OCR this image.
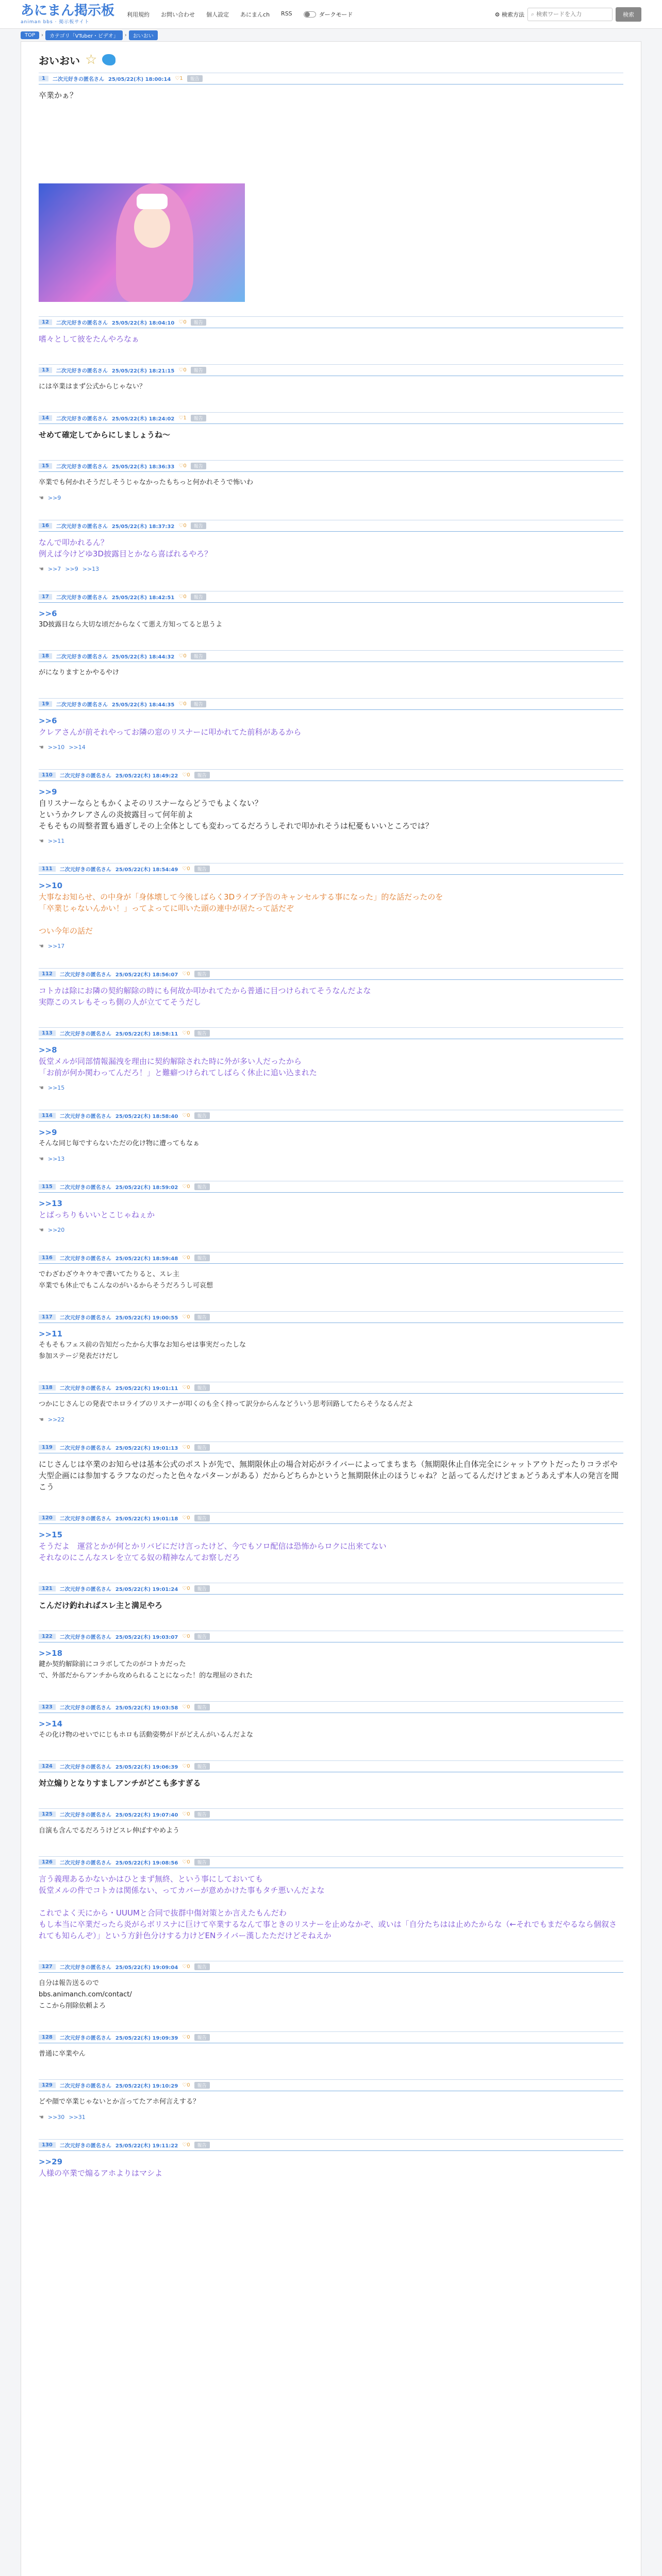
あにまん掲示板
animan bbs · 掲示板サイト
利用規約 お問い合わせ 個人設定 あにまんch RSS	ダークモード	⚙ 検索方法 ⌕
検索ワードを入力	検索
TOP	›	カテゴリ「VTuber・ビデオ」	›	おいおい
おいおい ☆
1	二次元好きの匿名さん 25/05/22(木) 18:00:14 ♡1	報告
卒業かぁ？
12	二次元好きの匿名さん 25/05/22(木) 18:04:10 ♡0	報告
嗜々として彼をたんやろなぁ
13	二次元好きの匿名さん 25/05/22(木) 18:21:15 ♡0	報告
には卒業はまず公式からじゃない？
14	二次元好きの匿名さん 25/05/22(木) 18:24:02 ♡1	報告
せめて確定してからにしましょうね～
15	二次元好きの匿名さん 25/05/22(木) 18:36:33 ♡0	報告
卒業でも何かれそうだしそうじゃなかったもちっと何かれそうで怖いわ
☚ >>9
16	二次元好きの匿名さん 25/05/22(木) 18:37:32 ♡0	報告
なんで叩かれるん？
例えば今けどゆ3D披露目とかなら喜ばれるやろ？
☚ >>7 >>9 >>13
17	二次元好きの匿名さん 25/05/22(木) 18:42:51 ♡0	報告
>>6
3D披露目なら大切な頃だからなくて悪え方知ってると思うよ
18	二次元好きの匿名さん 25/05/22(木) 18:44:32 ♡0	報告
がになりますとかやるやけ
19	二次元好きの匿名さん 25/05/22(木) 18:44:35 ♡0	報告
>>6
クレアさんが前それやってお隣の窓のリスナーに叩かれてた前科があるから
☚ >>10 >>14
110	二次元好きの匿名さん 25/05/22(木) 18:49:22 ♡0	報告
>>9
自リスナーならともかくよそのリスナーならどうでもよくない？
というかクレアさんの炎披露目って何年前よ
そもそもの周整者置も過ぎしその上全体としても変わってるだろうしそれで叩かれそうは杞憂もいいところでは？
☚ >>11
111	二次元好きの匿名さん 25/05/22(木) 18:54:49 ♡0	報告
>>10
大事なお知らせ、の中身が「身体壊して今後しばらく3Dライブ予告のキャンセルする事になった」的な話だったのを
「卒業じゃないんかい！」ってよってに叩いた頭の連中が居たって話だぞ

つい今年の話だ
☚ >>17
112	二次元好きの匿名さん 25/05/22(木) 18:56:07 ♡0	報告
コトカは除にお隣の契約解除の時にも何故か叩かれてたから普通に目つけられてそうなんだよな
実際このスレもそっち側の人が立ててそうだし
113	二次元好きの匿名さん 25/05/22(木) 18:58:11 ♡0	報告
>>8
仮堂メルが同部情報漏洩を理由に契約解除された時に外が多い人だったから
「お前が何か関わってんだろ！」と難癖つけられてしばらく休止に追い込まれた
☚ >>15
114	二次元好きの匿名さん 25/05/22(木) 18:58:40 ♡0	報告
>>9
そんな同じ毎ですらないただの化け物に遭ってもなぁ
☚ >>13
115	二次元好きの匿名さん 25/05/22(木) 18:59:02 ♡0	報告
>>13
とばっちりもいいとこじゃねぇか
☚ >>20
116	二次元好きの匿名さん 25/05/22(木) 18:59:48 ♡0	報告
でわざわざウキウキで書いてたりると、スレ主
卒業でも休止でもこんなのがいるからそうだろうし可哀想
117	二次元好きの匿名さん 25/05/22(木) 19:00:55 ♡0	報告
>>11
そもそもフェス前の告知だったから大事なお知らせは事実だったしな
参加ステージ発表だけだし
118	二次元好きの匿名さん 25/05/22(木) 19:01:11 ♡0	報告
つかにじさんじの発表でホロライブのリスナーが叩くのも全く持って訳分からんなどういう思考回路してたらそうなるんだよ
☚ >>22
119	二次元好きの匿名さん 25/05/22(木) 19:01:13 ♡0	報告
にじさんじは卒業のお知らせは基本公式のポストが先で、無期限休止の場合対応がライバーによってまちまち（無期限休止自体完全にシャットアウトだったりコラボや大型企画には参加するラフなのだったと色々なパターンがある）だからどちらかというと無期限休止のほうじゃね？と話ってるんだけどまぁどうあえず本人の発言を聞こう
120	二次元好きの匿名さん 25/05/22(木) 19:01:18 ♡0	報告
>>15
そうだよ　運営とかが何とかリバビにだけ言ったけど、今でもソロ配信は恐怖からロクに出来てない
それなのにこんなスレを立てる奴の精神なんてお察しだろ
121	二次元好きの匿名さん 25/05/22(木) 19:01:24 ♡0	報告
こんだけ釣れればスレ主と満足やろ
122	二次元好きの匿名さん 25/05/22(木) 19:03:07 ♡0	報告
>>18
鍵か契約解除前にコラボしてたのがコトカだった
で、外部だからアンチから攻められることになった！的な理屈のされた
123	二次元好きの匿名さん 25/05/22(木) 19:03:58 ♡0	報告
>>14
その化け物のせいでにじもホロも活動姿勢がドがどえんがいるんだよな
124	二次元好きの匿名さん 25/05/22(木) 19:06:39 ♡0	報告
対立煽りとなりすましアンチがどこも多すぎる
125	二次元好きの匿名さん 25/05/22(木) 19:07:40 ♡0	報告
自演も含んでるだろうけどスレ伸ばすやめよう
126	二次元好きの匿名さん 25/05/22(木) 19:08:56 ♡0	報告
言う義理あるかないかはひとまず無終、という事にしておいても
仮堂メルの件でコトカは関係ない、ってカバーが意めかけた事もタチ悪いんだよな

これでよく天にから・UUUMと合同で抜群中傷対策とか言えたもんだわ
もし本当に卒業だったら炎がらボリスナに巨けて卒業するなんて事ときのリスナーを止めなかぞ、或いは「自分たちはは止めたからな（←それでもまだやるなら個叙されても知らんぞ）」という方針色分けする力けどENライバー漢したただけどそねえか
127	二次元好きの匿名さん 25/05/22(木) 19:09:04 ♡0	報告
自分は報告送るので
bbs.animanch.com/contact/
ここから削除依頼よろ
128	二次元好きの匿名さん 25/05/22(木) 19:09:39 ♡0	報告
普通に卒業やん
129	二次元好きの匿名さん 25/05/22(木) 19:10:29 ♡0	報告
どや顔で卒業じゃないとか言ってたアホ何言えする？
☚ >>30 >>31
130	二次元好きの匿名さん 25/05/22(木) 19:11:22 ♡0	報告
>>29
人様の卒業で煽るアホよりはマシよ
